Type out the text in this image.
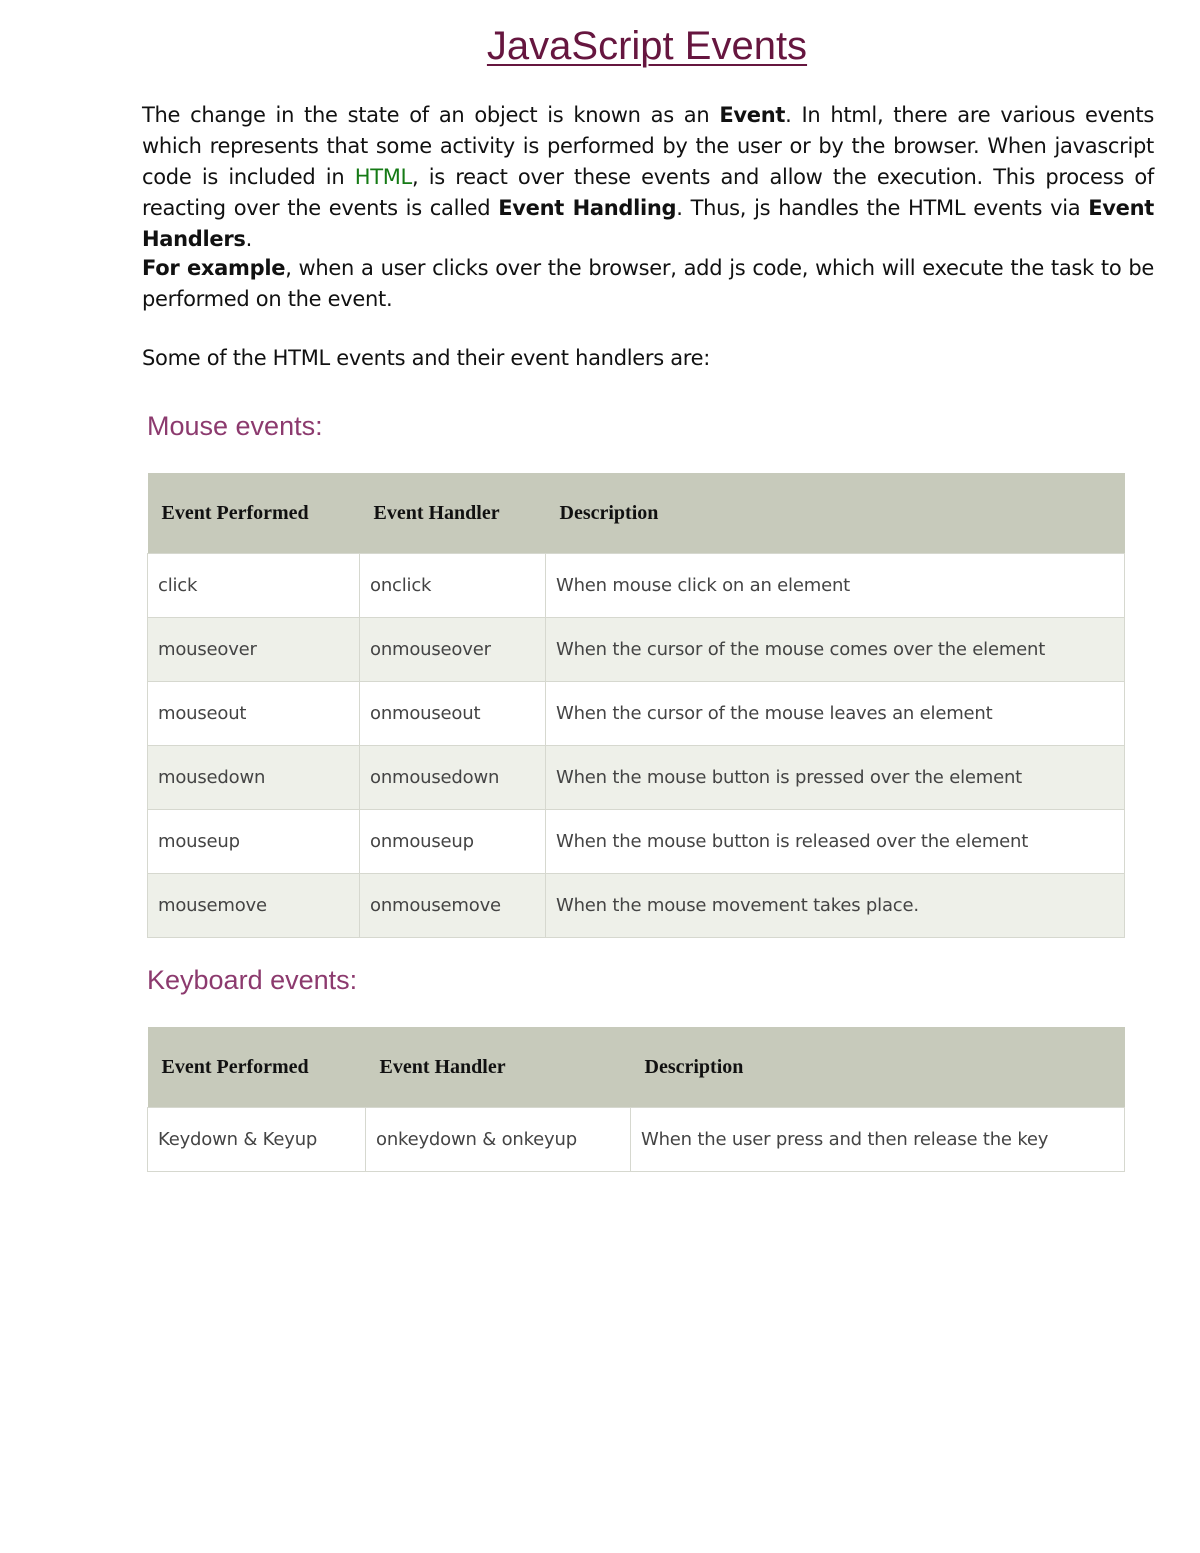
JavaScript Events

The change in the state of an object is known as an Event. In html, there are various events which represents that some activity is performed by the user or by the browser. When javascript code is included in HTML, is react over these events and allow the execution. This process of reacting over the events is called Event Handling. Thus, js handles the HTML events via Event Handlers.

For example, when a user clicks over the browser, add js code, which will execute the task to be performed on the event.

Some of the HTML events and their event handlers are:

Mouse events:
Event Performed	Event Handler	Description
click	onclick	When mouse click on an element
mouseover	onmouseover	When the cursor of the mouse comes over the element
mouseout	onmouseout	When the cursor of the mouse leaves an element
mousedown	onmousedown	When the mouse button is pressed over the element
mouseup	onmouseup	When the mouse button is released over the element
mousemove	onmousemove	When the mouse movement takes place.
Keyboard events:
Event Performed	Event Handler	Description
Keydown & Keyup	onkeydown & onkeyup	When the user press and then release the key
